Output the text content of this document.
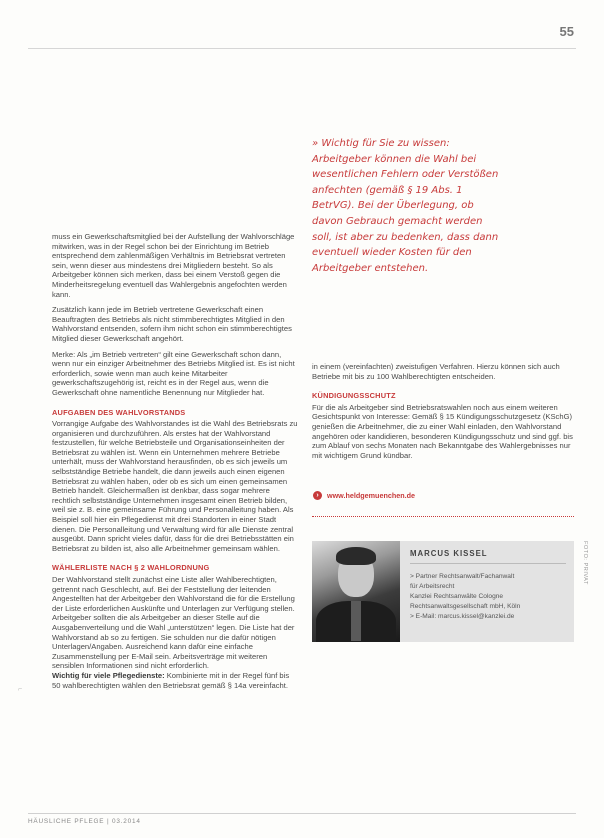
55
» Wichtig für Sie zu wissen: Arbeitgeber können die Wahl bei wesentlichen Fehlern oder Verstößen anfechten (gemäß § 19 Abs. 1 BetrVG). Bei der Überlegung, ob davon Gebrauch gemacht werden soll, ist aber zu bedenken, dass dann eventuell wieder Kosten für den Arbeitgeber entstehen.

muss ein Gewerkschaftsmitglied bei der Aufstellung der Wahlvorschläge mitwirken, was in der Regel schon bei der Einrichtung im Betrieb entsprechend dem zahlenmäßigen Verhältnis im Betriebsrat vertreten sein, wenn dieser aus mindestens drei Mitgliedern besteht. So als Arbeitgeber können sich merken, dass bei einem Verstoß gegen die Minderheitsregelung eventuell das Wahlergebnis angefochten werden kann.

Zusätzlich kann jede im Betrieb vertretene Gewerkschaft einen Beauftragten des Betriebs als nicht stimmberechtigtes Mitglied in den Wahlvorstand entsenden, sofern ihm nicht schon ein stimmberechtigtes Mitglied dieser Gewerkschaft angehört.

Merke: Als „im Betrieb vertreten“ gilt eine Gewerkschaft schon dann, wenn nur ein einziger Arbeitnehmer des Betriebs Mitglied ist. Es ist nicht erforderlich, sowie wenn man auch keine Mitarbeiter gewerkschaftszugehörig ist, reicht es in der Regel aus, wenn die Gewerkschaft ohne namentliche Benennung nur Mitglieder hat.

AUFGABEN DES WAHLVORSTANDS

Vorrangige Aufgabe des Wahlvorstandes ist die Wahl des Betriebsrats zu organisieren und durchzuführen. Als erstes hat der Wahlvorstand festzustellen, für welche Betriebsteile und Organisationseinheiten der Betriebsrat zu wählen ist. Wenn ein Unternehmen mehrere Betriebe unterhält, muss der Wahlvorstand herausfinden, ob es sich jeweils um selbstständige Betriebe handelt, die dann jeweils auch einen eigenen Betriebsrat zu wählen haben, oder ob es sich um einen gemeinsamen Betrieb handelt. Gleichermaßen ist denkbar, dass sogar mehrere rechtlich selbstständige Unternehmen insgesamt einen Betrieb bilden, weil sie z. B. eine gemeinsame Führung und Personalleitung haben. Als Beispiel soll hier ein Pflegedienst mit drei Standorten in einer Stadt dienen. Die Personalleitung und Verwaltung wird für alle Dienste zentral ausgeübt. Dann spricht vieles dafür, dass für die drei Betriebsstätten ein Betriebsrat zu bilden ist, also alle Arbeitnehmer gemeinsam wählen.

WÄHLERLISTE NACH § 2 WAHLORDNUNG

Der Wahlvorstand stellt zunächst eine Liste aller Wahlberechtigten, getrennt nach Geschlecht, auf. Bei der Feststellung der leitenden Angestellten hat der Arbeitgeber den Wahlvorstand die für die Erstellung der Liste erforderlichen Auskünfte und Unterlagen zur Verfügung stellen. Arbeitgeber sollten die als Arbeitgeber an dieser Stelle auf die Ausgabenverteilung und die Wahl „unterstützen“ legen. Die Liste hat der Wahlvorstand ab so zu fertigen. Sie schulden nur die dafür nötigen Unterlagen/Angaben. Ausreichend kann dafür eine einfache Zusammenstellung per E-Mail sein. Arbeitsverträge mit weiteren sensiblen Informationen sind nicht erforderlich.

Wichtig für viele Pflegedienste: Kombinierte mit in der Regel fünf bis 50 wahlberechtigten wählen den Betriebsrat gemäß § 14a vereinfacht.

in einem (vereinfachten) zweistufigen Verfahren. Hierzu können sich auch Betriebe mit bis zu 100 Wahlberechtigten entscheiden.

KÜNDIGUNGSSCHUTZ

Für die als Arbeitgeber sind Betriebsratswahlen noch aus einem weiteren Gesichtspunkt von Interesse: Gemäß § 15 Kündigungsschutzgesetz (KSchG) genießen die Arbeitnehmer, die zu einer Wahl einladen, den Wahlvorstand angehören oder kandidieren, besonderen Kündigungsschutz und sind ggf. bis zum Ablauf von sechs Monaten nach Bekanntgabe des Wahlergebnisses nur mit wichtigem Grund kündbar.

›	www.heldgemuenchen.de
MARCUS KISSEL
> Partner Rechtsanwalt/Fachanwalt
für Arbeitsrecht
Kanzlei Rechtsanwälte Cologne
Rechtsanwaltsgesellschaft mbH, Köln
> E-Mail: marcus.kissel@kanzlei.de
FOTO: PRIVAT
⌐
HÄUSLICHE PFLEGE | 03.2014
